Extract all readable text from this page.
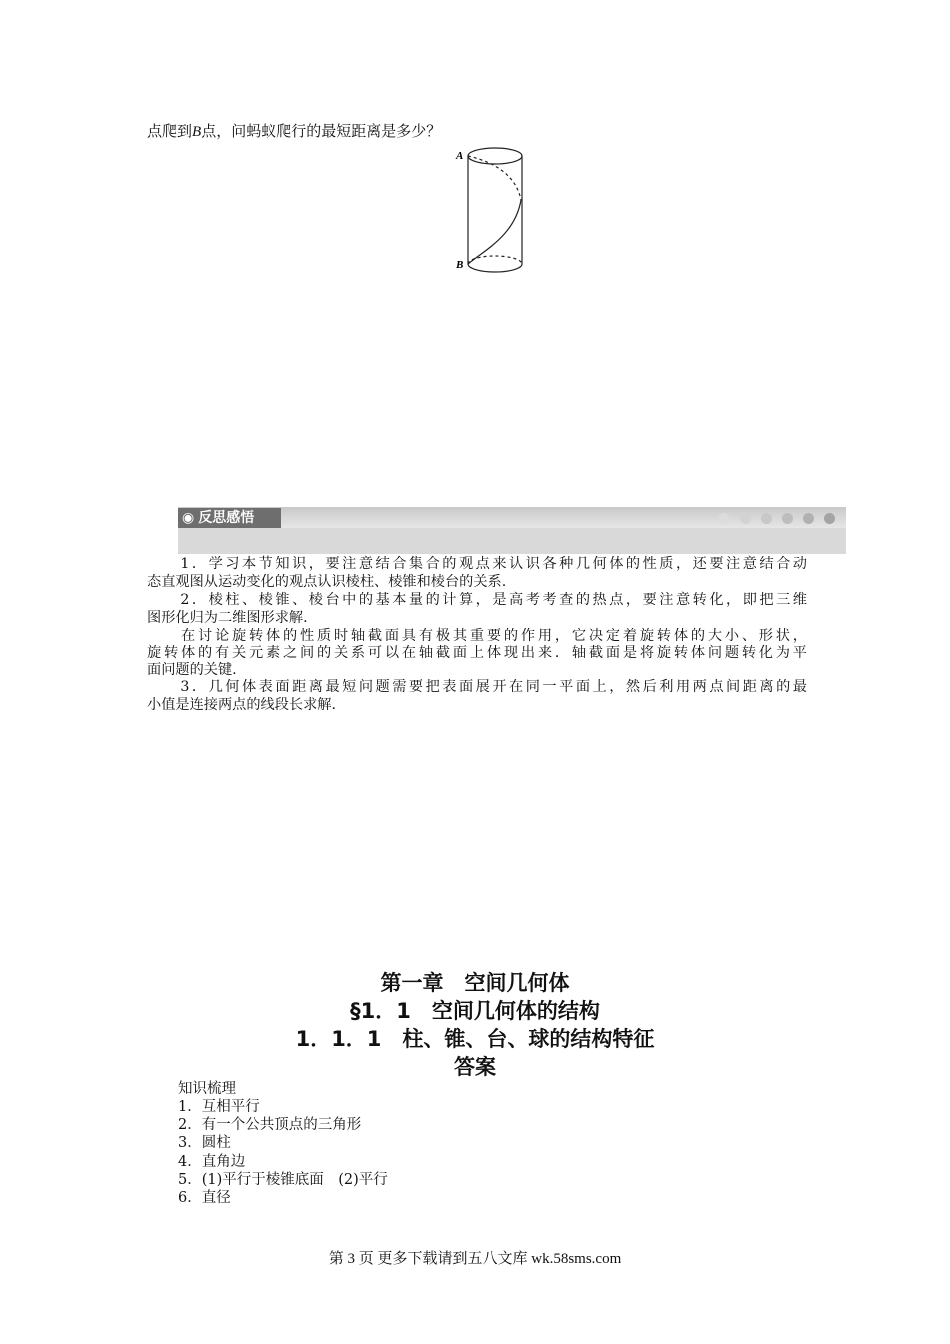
点爬到B点，问蚂蚁爬行的最短距离是多少？
A
B
◉ 反思感悟
　　1．学习本节知识，要注意结合集合的观点来认识各种几何体的性质，还要注意结合动
态直观图从运动变化的观点认识棱柱、棱锥和棱台的关系.
　　2．棱柱、棱锥、棱台中的基本量的计算，是高考考查的热点，要注意转化，即把三维
图形化归为二维图形求解.
　　在讨论旋转体的性质时轴截面具有极其重要的作用，它决定着旋转体的大小、形状，
旋转体的有关元素之间的关系可以在轴截面上体现出来．轴截面是将旋转体问题转化为平
面问题的关键.
　　3．几何体表面距离最短问题需要把表面展开在同一平面上，然后利用两点间距离的最
小值是连接两点的线段长求解.
第一章　空间几何体
§1．1　空间几何体的结构
1．1．1　柱、锥、台、球的结构特征
答案
知识梳理
1．互相平行
2．有一个公共顶点的三角形
3．圆柱
4．直角边
5．(1)平行于棱锥底面　(2)平行
6．直径
第 3 页 更多下载请到五八文库 wk.58sms.com
